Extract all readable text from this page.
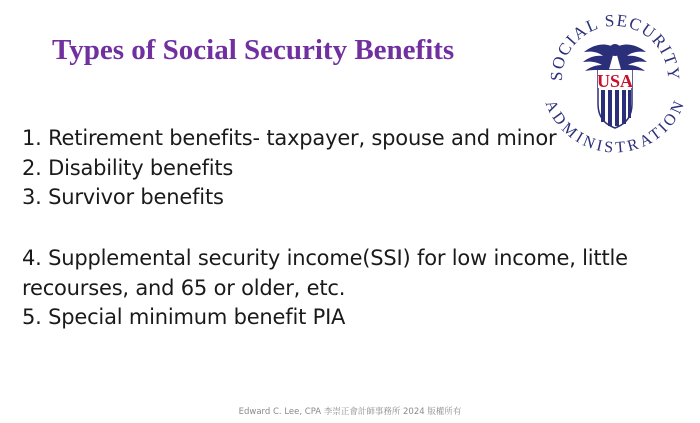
Types of Social Security Benefits
SOCIAL SECURITY
ADMINISTRATION
USA
1. Retirement benefits- taxpayer, spouse and minor
2. Disability benefits
3. Survivor benefits
4. Supplemental security income(SSI) for low income, little
recourses, and 65 or older, etc.
5. Special minimum benefit PIA
Edward C. Lee, CPA 李崇正會計師事務所 2024 版權所有
